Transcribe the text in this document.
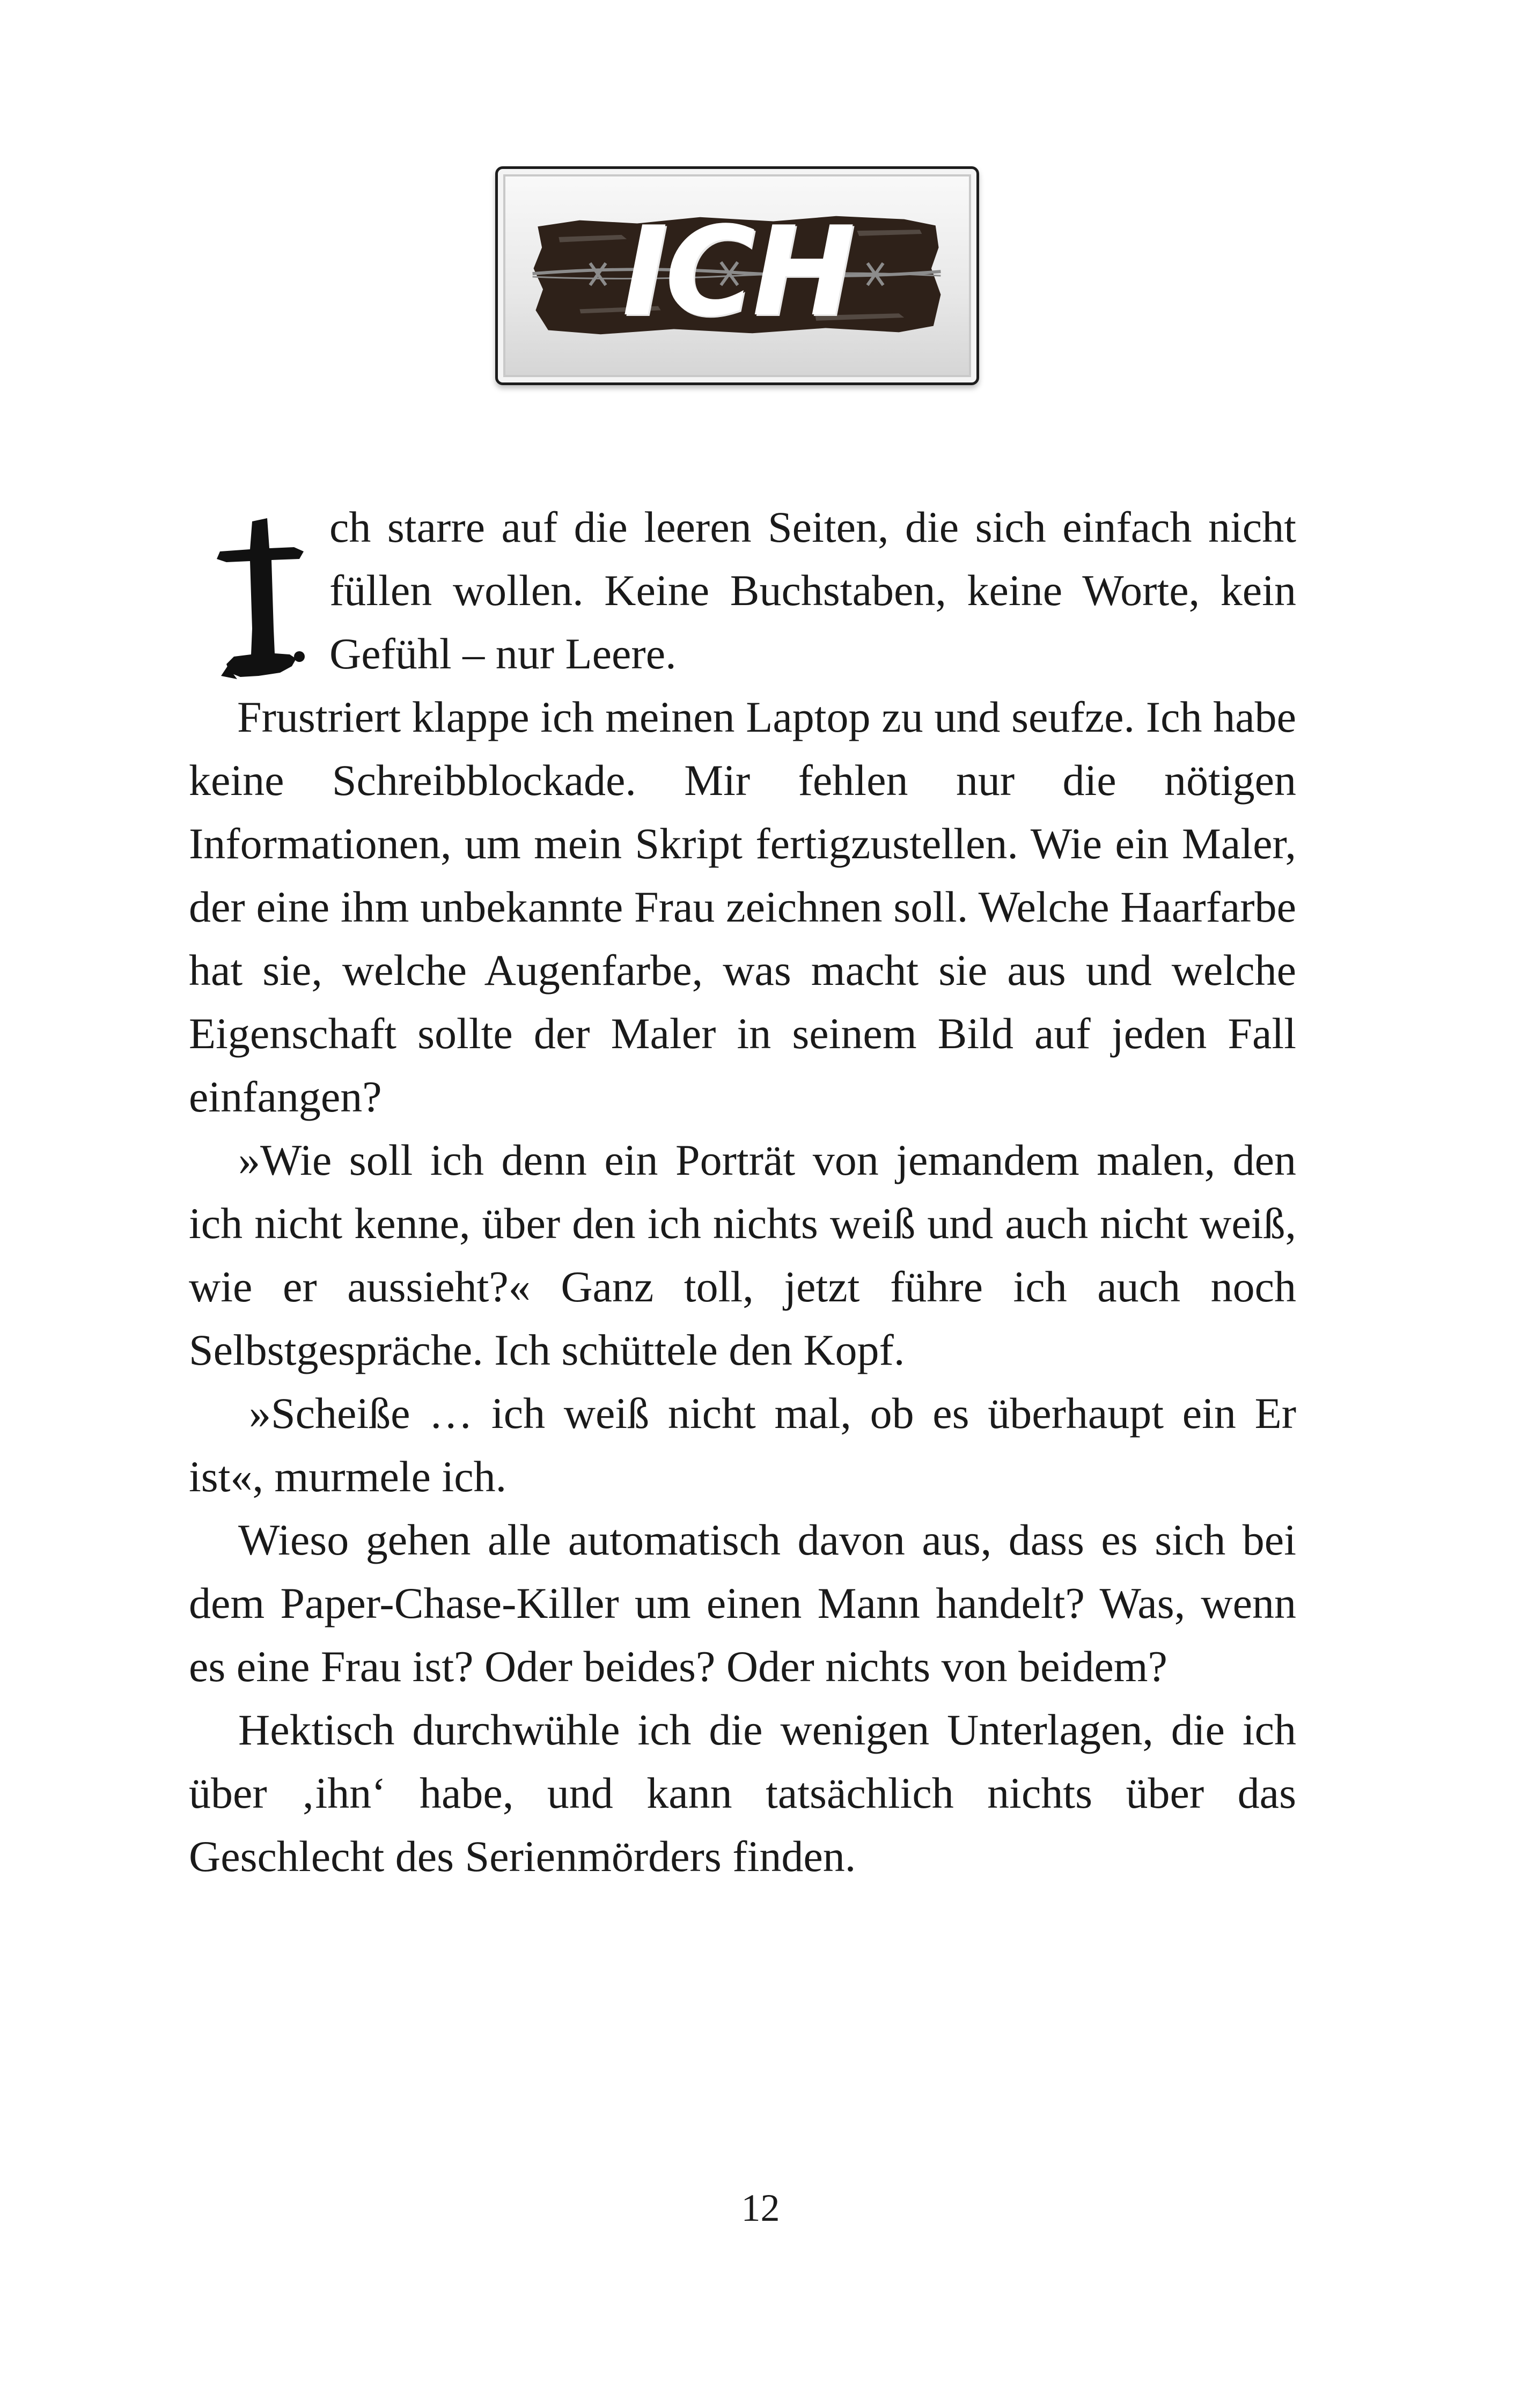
ICH

ch starre auf die leeren Seiten, die sich einfach nicht füllen wollen. Keine Buchstaben, keine Worte, kein Gefühl – nur Leere.

Frustriert klappe ich meinen Laptop zu und seufze. Ich habe keine Schreibblockade. Mir fehlen nur die nötigen Informationen, um mein Skript fertigzustellen. Wie ein Maler, der eine ihm unbekannte Frau zeichnen soll. Welche Haarfarbe hat sie, welche Augenfarbe, was macht sie aus und welche Eigenschaft sollte der Maler in seinem Bild auf jeden Fall einfangen?

»Wie soll ich denn ein Porträt von jemandem malen, den ich nicht kenne, über den ich nichts weiß und auch nicht weiß, wie er aussieht?« Ganz toll, jetzt führe ich auch noch Selbstgespräche. Ich schüttele den Kopf.

»Scheiße … ich weiß nicht mal, ob es überhaupt ein Er ist«, murmele ich.

Wieso gehen alle automatisch davon aus, dass es sich bei dem Paper-Chase-Killer um einen Mann handelt? Was, wenn es eine Frau ist? Oder beides? Oder nichts von beidem?

Hektisch durchwühle ich die wenigen Unterlagen, die ich über ‚ihn‘ habe, und kann tatsächlich nichts über das Geschlecht des Serienmörders finden.

12
